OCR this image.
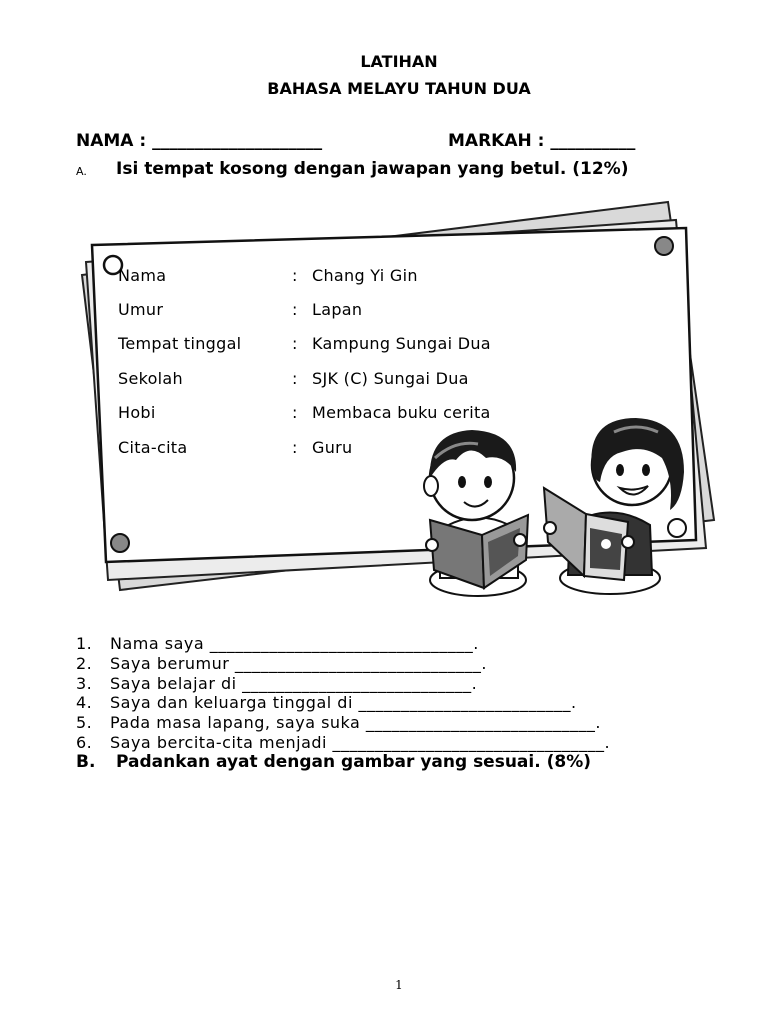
LATIHAN
BAHASA MELAYU TAHUN DUA
NAMA : ____________________	MARKAH : __________
A. Isi tempat kosong dengan jawapan yang betul. (12%)
Nama	: Chang Yi Gin
Umur	: Lapan
Tempat tinggal	: Kampung Sungai Dua
Sekolah	: SJK (C) Sungai Dua
Hobi	: Membaca buku cerita
Cita-cita	: Guru
1. Nama saya _______________________________.
2. Saya berumur _____________________________.
3. Saya belajar di ___________________________.
4. Saya dan keluarga tinggal di _________________________.
5. Pada masa lapang, saya suka ___________________________.
6. Saya bercita-cita menjadi ________________________________.
B. Padankan ayat dengan gambar yang sesuai. (8%)
1
